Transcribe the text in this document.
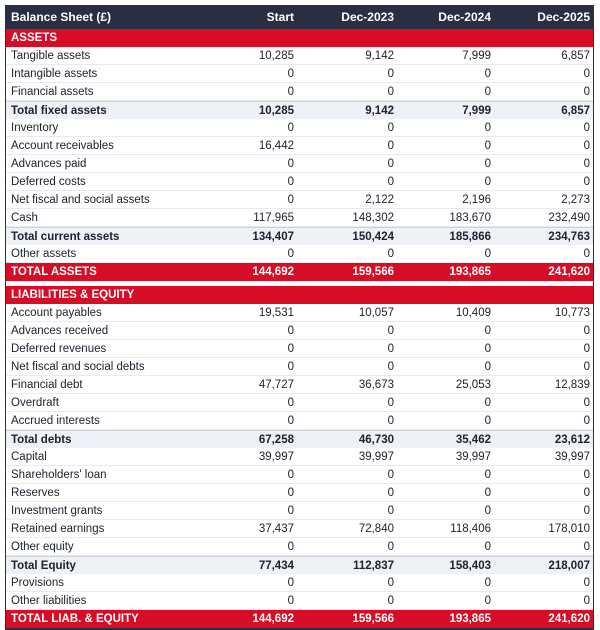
Balance Sheet (£)	Start	Dec-2023	Dec-2024	Dec-2025
ASSETS
Tangible assets	10,285	9,142	7,999	6,857
Intangible assets	0	0	0	0
Financial assets	0	0	0	0
Total fixed assets	10,285	9,142	7,999	6,857
Inventory	0	0	0	0
Account receivables	16,442	0	0	0
Advances paid	0	0	0	0
Deferred costs	0	0	0	0
Net fiscal and social assets	0	2,122	2,196	2,273
Cash	117,965	148,302	183,670	232,490
Total current assets	134,407	150,424	185,866	234,763
Other assets	0	0	0	0
TOTAL ASSETS	144,692	159,566	193,865	241,620
LIABILITIES & EQUITY
Account payables	19,531	10,057	10,409	10,773
Advances received	0	0	0	0
Deferred revenues	0	0	0	0
Net fiscal and social debts	0	0	0	0
Financial debt	47,727	36,673	25,053	12,839
Overdraft	0	0	0	0
Accrued interests	0	0	0	0
Total debts	67,258	46,730	35,462	23,612
Capital	39,997	39,997	39,997	39,997
Shareholders' loan	0	0	0	0
Reserves	0	0	0	0
Investment grants	0	0	0	0
Retained earnings	37,437	72,840	118,406	178,010
Other equity	0	0	0	0
Total Equity	77,434	112,837	158,403	218,007
Provisions	0	0	0	0
Other liabilities	0	0	0	0
TOTAL LIAB. & EQUITY	144,692	159,566	193,865	241,620
